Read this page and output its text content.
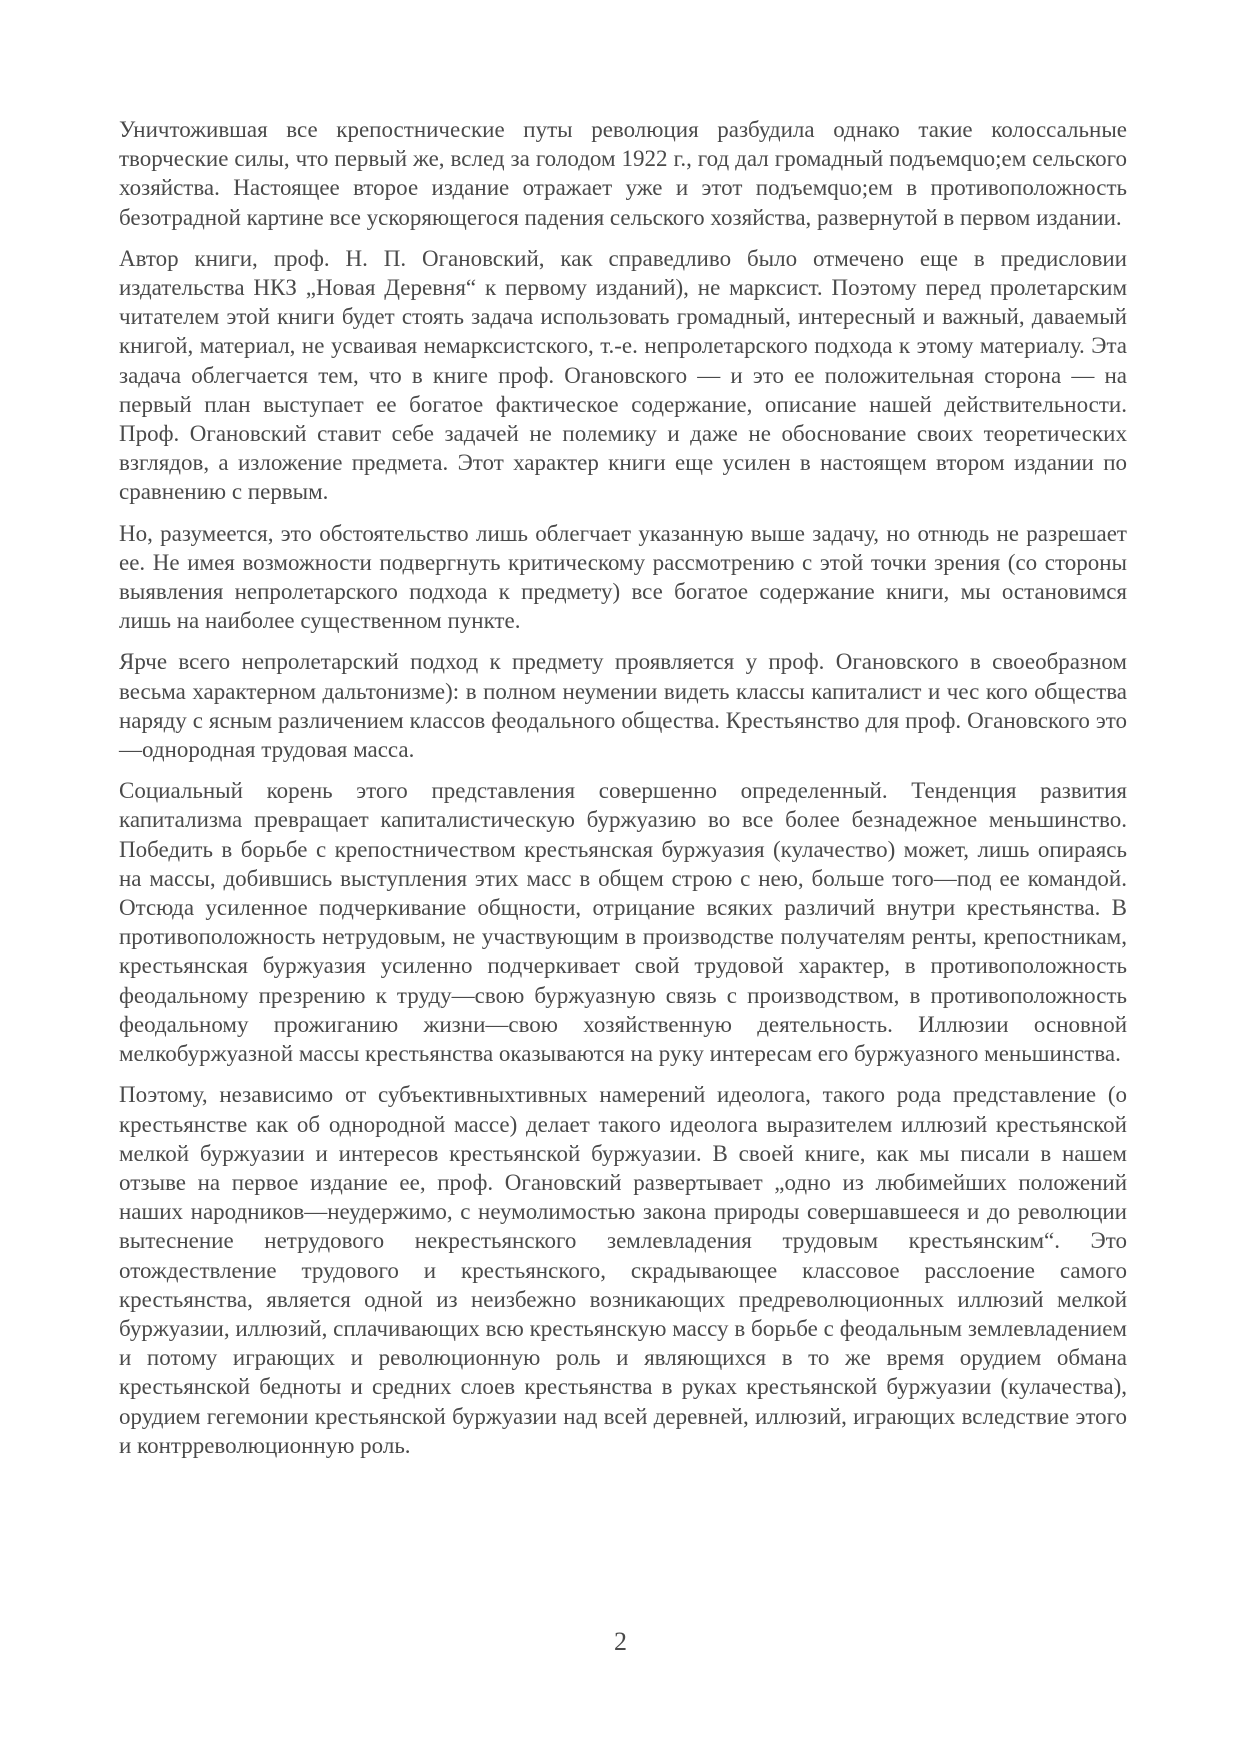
Уничтожившая все крепостнические путы революция разбудила однако такие колоссальные творческие силы, что первый же, вслед за голодом 1922 г., год дал громадный подъемquo;ем сельского хозяйства. Настоящее второе издание отражает уже и этот подъемquo;ем в противоположность безотрадной картине все ускоряющегося падения сельского хозяйства, развернутой в первом издании.

Автор книги, проф. Н. П. Огановский, как справедливо было отмечено еще в предисловии издательства НКЗ „Новая Деревня“ к первому изданий), не марксист. Поэтому перед пролетарским читателем этой книги будет стоять задача использовать громадный, интересный и важный, даваемый книгой, материал, не усваивая немарксистского, т.-е. непролетарского подхода к этому материалу. Эта задача облегчается тем, что в книге проф. Огановского — и это ее положительная сторона — на первый план выступает ее богатое фактическое содержание, описание нашей действительности. Проф. Огановский ставит себе задачей не полемику и даже не обоснование своих теоретических взглядов, а изложение предмета. Этот характер книги еще усилен в настоящем втором издании по сравнению с первым.

Но, разумеется, это обстоятельство лишь облегчает указанную выше задачу, но отнюдь не разрешает ее. Не имея возможности подвергнуть критическому рассмотрению с этой точки зрения (со стороны выявления непролетарского подхода к предмету) все богатое содержание книги, мы остановимся лишь на наиболее существенном пункте.

Ярче всего непролетарский подход к предмету проявляется у проф. Огановского в своеобразном весьма характерном дальтонизме): в полном неумении видеть классы капиталист и чес кого общества наряду с ясным различением классов феодального общества. Крестьянство для проф. Огановского это—однородная трудовая масса.

Социальный корень этого представления совершенно определенный. Тенденция развития капитализма превращает капиталистическую буржуазию во все более безнадежное меньшинство. Победить в борьбе с крепостничеством крестьянская буржуазия (кулачество) может, лишь опираясь на массы, добившись выступления этих масс в общем строю с нею, больше того—под ее командой. Отсюда усиленное подчеркивание общности, отрицание всяких различий внутри крестьянства. В противоположность нетрудовым, не участвующим в производстве получателям ренты, крепостникам, крестьянская буржуазия усиленно подчеркивает свой трудовой характер, в противоположность феодальному презрению к труду—свою буржуазную связь с производством, в противоположность феодальному прожиганию жизни—свою хозяйственную деятельность. Иллюзии основной мелкобуржуазной массы крестьянства оказываются на руку интересам его буржуазного меньшинства.

Поэтому, независимо от субъективныхтивных намерений идеолога, такого рода представление (о крестьянстве как об однородной массе) делает такого идеолога выразителем иллюзий крестьянской мелкой буржуазии и интересов крестьянской буржуазии. В своей книге, как мы писали в нашем отзыве на первое издание ее, проф. Огановский развертывает „одно из любимейших положений наших народников—неудержимо, с неумолимостью закона природы совершавшееся и до революции вытеснение нетрудового некрестьянского землевладения трудовым крестьянским“. Это отождествление трудового и крестьянского, скрадывающее классовое расслоение самого крестьянства, является одной из неизбежно возникающих предреволюционных иллюзий мелкой буржуазии, иллюзий, сплачивающих всю крестьянскую массу в борьбе с феодальным землевладением и потому играющих и революционную роль и являющихся в то же время орудием обмана крестьянской бедноты и средних слоев крестьянства в руках крестьянской буржуазии (кулачества), орудием гегемонии крестьянской буржуазии над всей деревней, иллюзий, играющих вследствие этого и контрреволюционную роль.

2
